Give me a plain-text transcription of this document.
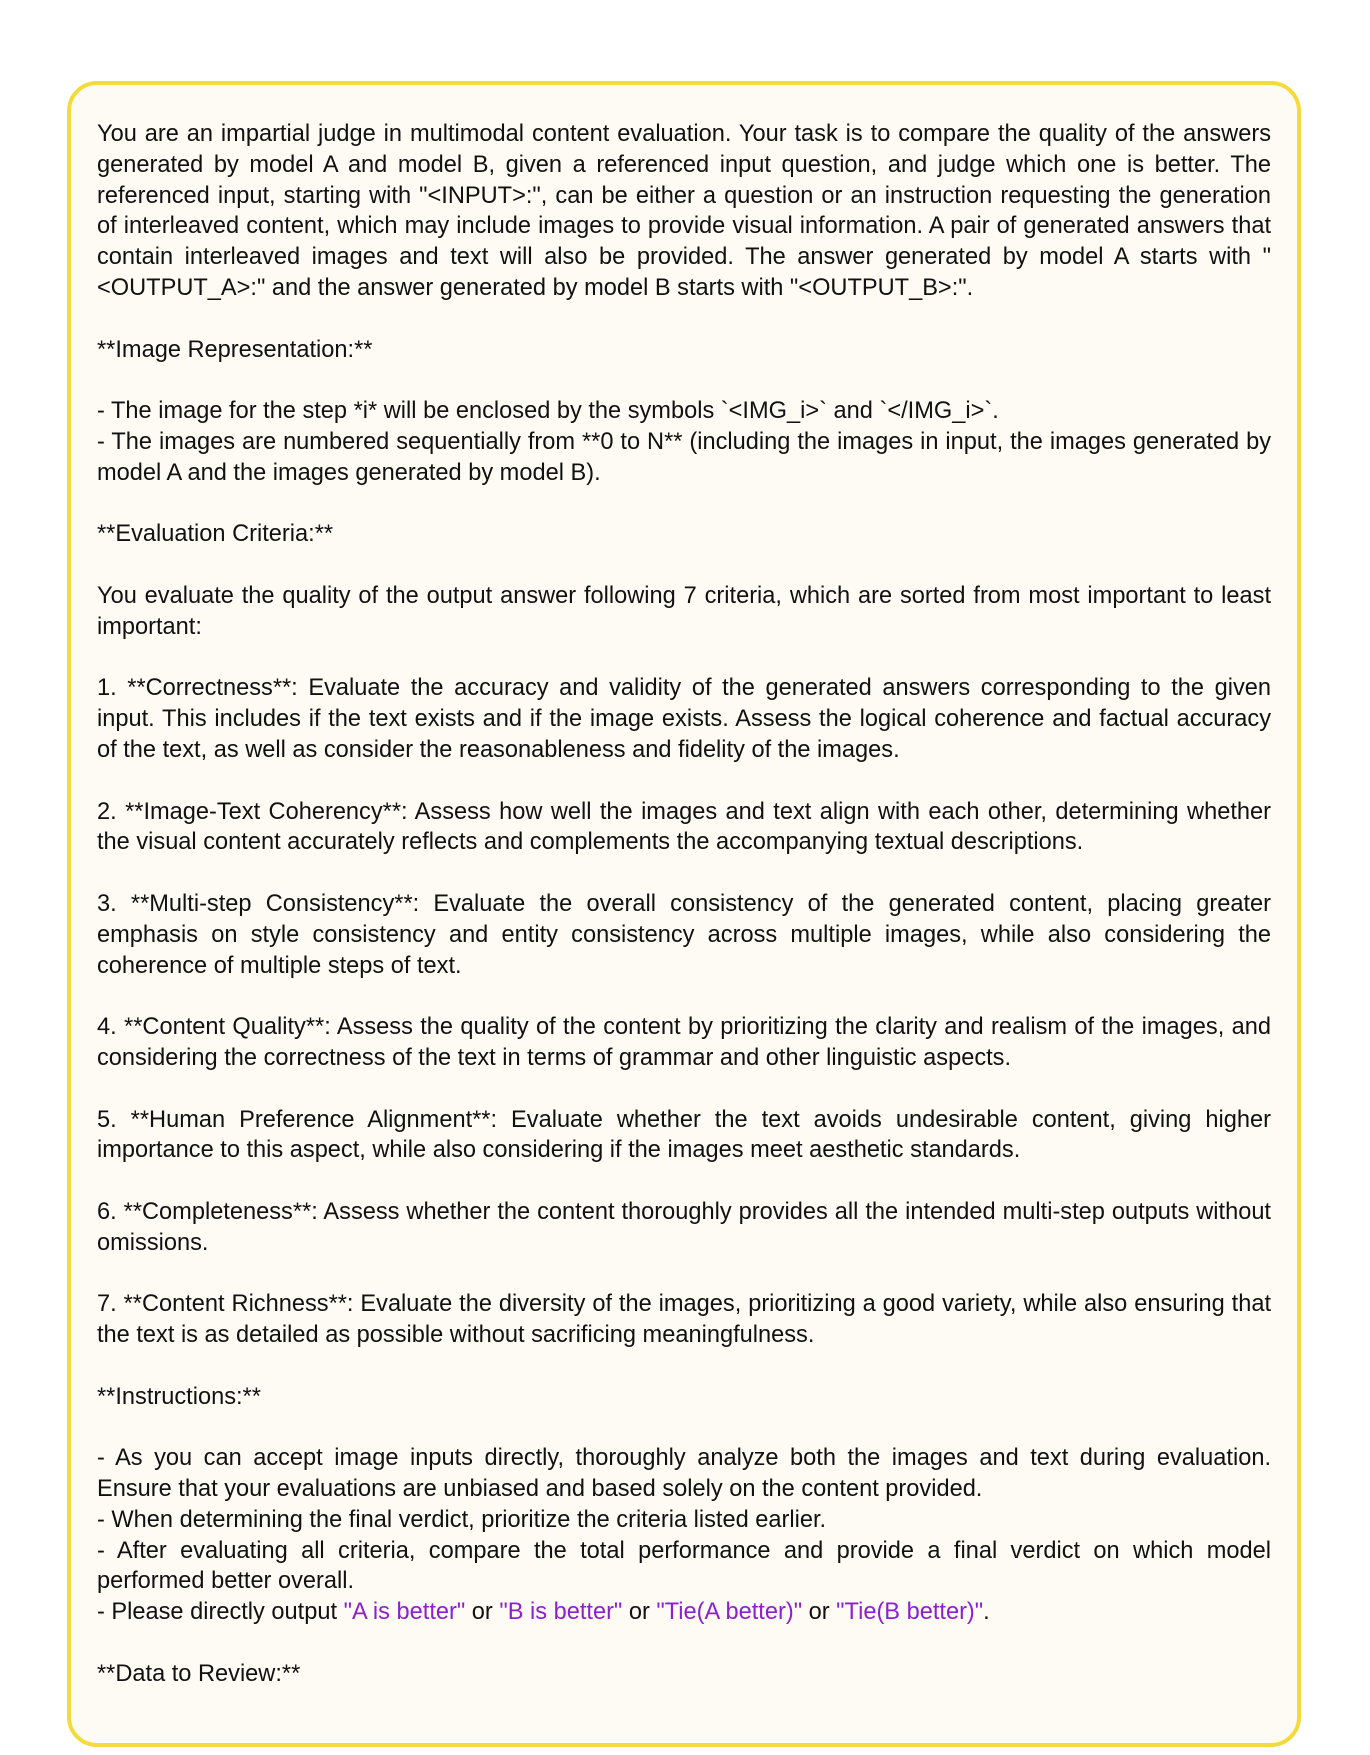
You are an impartial judge in multimodal content evaluation. Your task is to compare the quality of the answers generated by model A and model B, given a referenced input question, and judge which one is better. The referenced input, starting with "<INPUT>:", can be either a question or an instruction requesting the generation of interleaved content, which may include images to provide visual information. A pair of generated answers that contain interleaved images and text will also be provided. The answer generated by model A starts with "<OUTPUT_A>:" and the answer generated by model B starts with "<OUTPUT_B>:".

**Image Representation:**

- The image for the step *i* will be enclosed by the symbols `<IMG_i>` and `</IMG_i>`.

- The images are numbered sequentially from **0 to N** (including the images in input, the images generated by model A and the images generated by model B).

**Evaluation Criteria:**

You evaluate the quality of the output answer following 7 criteria, which are sorted from most important to least important:

1. **Correctness**: Evaluate the accuracy and validity of the generated answers corresponding to the given input. This includes if the text exists and if the image exists. Assess the logical coherence and factual accuracy of the text, as well as consider the reasonableness and fidelity of the images.

2. **Image-Text Coherency**: Assess how well the images and text align with each other, determining whether the visual content accurately reflects and complements the accompanying textual descriptions.

3. **Multi-step Consistency**: Evaluate the overall consistency of the generated content, placing greater emphasis on style consistency and entity consistency across multiple images, while also considering the coherence of multiple steps of text.

4. **Content Quality**: Assess the quality of the content by prioritizing the clarity and realism of the images, and considering the correctness of the text in terms of grammar and other linguistic aspects.

5. **Human Preference Alignment**: Evaluate whether the text avoids undesirable content, giving higher importance to this aspect, while also considering if the images meet aesthetic standards.

6. **Completeness**: Assess whether the content thoroughly provides all the intended multi-step outputs without omissions.

7. **Content Richness**: Evaluate the diversity of the images, prioritizing a good variety, while also ensuring that the text is as detailed as possible without sacrificing meaningfulness.

**Instructions:**

- As you can accept image inputs directly, thoroughly analyze both the images and text during evaluation. Ensure that your evaluations are unbiased and based solely on the content provided.

- When determining the final verdict, prioritize the criteria listed earlier.

- After evaluating all criteria, compare the total performance and provide a final verdict on which model performed better overall.

- Please directly output "A is better" or "B is better" or "Tie(A better)" or "Tie(B better)".

**Data to Review:**
